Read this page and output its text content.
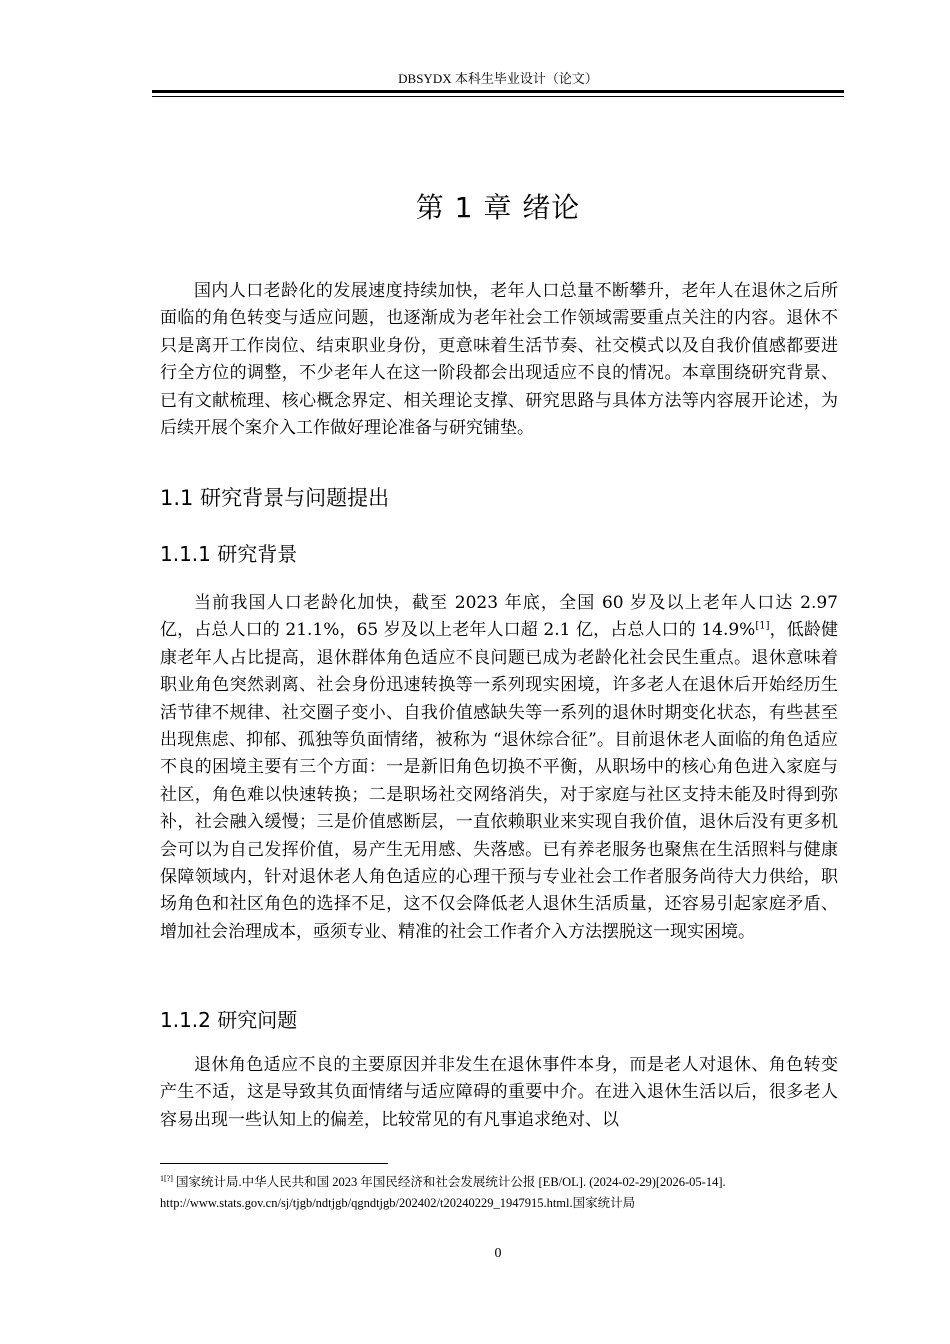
DBSYDX 本科生毕业设计（论文）
第 1 章 绪论
国内人口老龄化的发展速度持续加快，老年人口总量不断攀升，老年人在退休之后所面临的角色转变与适应问题，也逐渐成为老年社会工作领域需要重点关注的内容。退休不只是离开工作岗位、结束职业身份，更意味着生活节奏、社交模式以及自我价值感都要进行全方位的调整，不少老年人在这一阶段都会出现适应不良的情况。本章围绕研究背景、已有文献梳理、核心概念界定、相关理论支撑、研究思路与具体方法等内容展开论述，为后续开展个案介入工作做好理论准备与研究铺垫。
1.1 研究背景与问题提出
1.1.1 研究背景
当前我国人口老龄化加快，截至 2023 年底，全国 60 岁及以上老年人口达 2.97 亿，占总人口的 21.1%，65 岁及以上老年人口超 2.1 亿，占总人口的 14.9%[1]，低龄健康老年人占比提高，退休群体角色适应不良问题已成为老龄化社会民生重点。退休意味着职业角色突然剥离、社会身份迅速转换等一系列现实困境，许多老人在退休后开始经历生活节律不规律、社交圈子变小、自我价值感缺失等一系列的退休时期变化状态，有些甚至出现焦虑、抑郁、孤独等负面情绪，被称为 “退休综合征”。目前退休老人面临的角色适应不良的困境主要有三个方面：一是新旧角色切换不平衡，从职场中的核心角色进入家庭与社区，角色难以快速转换；二是职场社交网络消失，对于家庭与社区支持未能及时得到弥补，社会融入缓慢；三是价值感断层，一直依赖职业来实现自我价值，退休后没有更多机会可以为自己发挥价值，易产生无用感、失落感。已有养老服务也聚焦在生活照料与健康保障领域内，针对退休老人角色适应的心理干预与专业社会工作者服务尚待大力供给，职场角色和社区角色的选择不足，这不仅会降低老人退休生活质量，还容易引起家庭矛盾、增加社会治理成本，亟须专业、精准的社会工作者介入方法摆脱这一现实困境。
1.1.2 研究问题
退休角色适应不良的主要原因并非发生在退休事件本身，而是老人对退休、角色转变产生不适，这是导致其负面情绪与适应障碍的重要中介。在进入退休生活以后，很多老人容易出现一些认知上的偏差，比较常见的有凡事追求绝对、以
$^{1[?]}$ 国家统计局.中华人民共和国 2023 年国民经济和社会发展统计公报 [EB/OL]. (2024-02-29)[2026-05-14].
http://www.stats.gov.cn/sj/tjgb/ndtjgb/qgndtjgb/202402/t20240229_1947915.html.国家统计局
0
